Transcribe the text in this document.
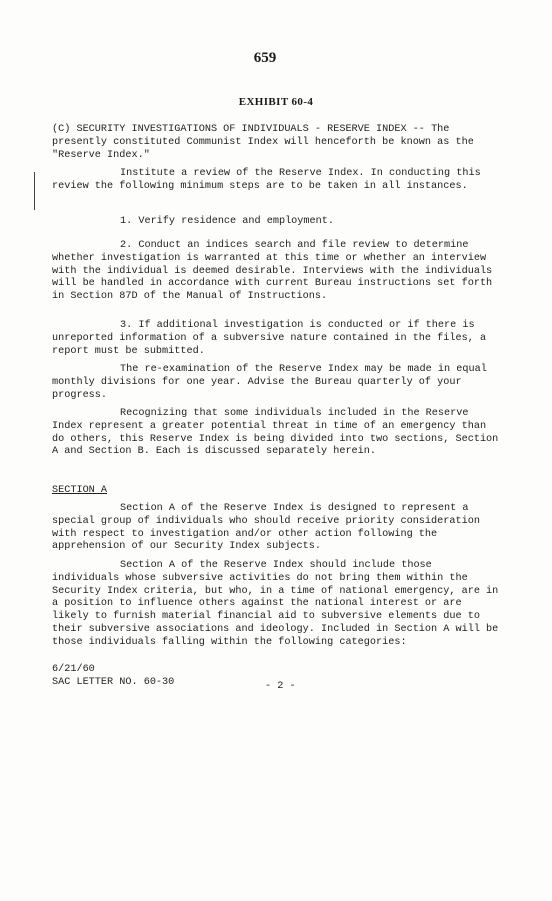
659
EXHIBIT 60-4

(C) SECURITY INVESTIGATIONS OF INDIVIDUALS - RESERVE INDEX -- The presently constituted Communist Index will henceforth be known as the "Reserve Index."

Institute a review of the Reserve Index. In conducting this review the following minimum steps are to be taken in all instances.

1. Verify residence and employment.

2. Conduct an indices search and file review to determine whether investigation is warranted at this time or whether an interview with the individual is deemed desirable. Interviews with the individuals will be handled in accordance with current Bureau instructions set forth in Section 87D of the Manual of Instructions.

3. If additional investigation is conducted or if there is unreported information of a subversive nature contained in the files, a report must be submitted.

The re-examination of the Reserve Index may be made in equal monthly divisions for one year. Advise the Bureau quarterly of your progress.

Recognizing that some individuals included in the Reserve Index represent a greater potential threat in time of an emergency than do others, this Reserve Index is being divided into two sections, Section A and Section B. Each is discussed separately herein.

SECTION A

Section A of the Reserve Index is designed to represent a special group of individuals who should receive priority consideration with respect to investigation and/or other action following the apprehension of our Security Index subjects.

Section A of the Reserve Index should include those individuals whose subversive activities do not bring them within the Security Index criteria, but who, in a time of national emergency, are in a position to influence others against the national interest or are likely to furnish material financial aid to subversive elements due to their subversive associations and ideology. Included in Section A will be those individuals falling within the following categories:

6/21/60
SAC LETTER NO. 60-30	- 2 -
